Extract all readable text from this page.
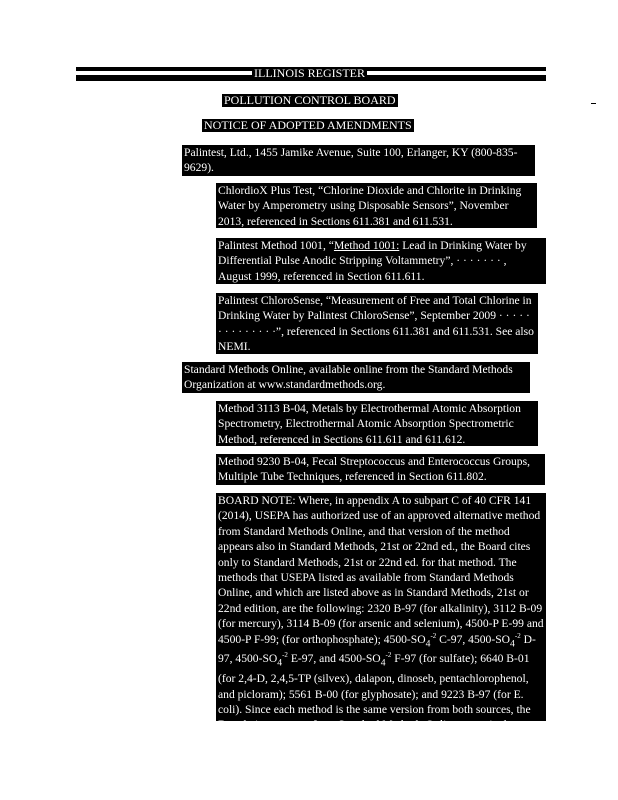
ILLINOIS REGISTER
POLLUTION CONTROL BOARD
NOTICE OF ADOPTED AMENDMENTS

Palintest, Ltd., 1455 Jamike Avenue, Suite 100, Erlanger, KY (800-835-9629).

ChlordioX Plus Test, “Chlorine Dioxide and Chlorite in Drinking Water by Amperometry using Disposable Sensors”, November 2013, referenced in Sections 611.381 and 611.531.

Palintest Method 1001, “Method 1001: Lead in Drinking Water by Differential Pulse Anodic Stripping Voltammetry”, · · · · · · · ,
August 1999, referenced in Section 611.611.

Palintest ChloroSense, “Measurement of Free and Total Chlorine in Drinking Water by Palintest ChloroSense”, September 2009 · · · · · · · · · · · · · ·”, referenced in Sections 611.381 and 611.531. See also NEMI.

Standard Methods Online, available online from the Standard Methods Organization at www.standardmethods.org.

Method 3113 B-04, Metals by Electrothermal Atomic Absorption Spectrometry, Electrothermal Atomic Absorption Spectrometric Method, referenced in Sections 611.611 and 611.612.

Method 9230 B-04, Fecal Streptococcus and Enterococcus Groups, Multiple Tube Techniques, referenced in Section 611.802.

BOARD NOTE: Where, in appendix A to subpart C of 40 CFR 141 (2014), USEPA has authorized use of an approved alternative method from Standard Methods Online, and that version of the method appears also in Standard Methods, 21st or 22nd ed., the Board cites only to Standard Methods, 21st or 22nd ed. for that method. The methods that USEPA listed as available from Standard Methods Online, and which are listed above as in Standard Methods, 21st or 22nd edition, are the following: 2320 B-97 (for alkalinity), 3112 B-09 (for mercury), 3114 B-09 (for arsenic and selenium), 4500-P E-99 and 4500-P F-99; (for orthophosphate); $4500-SO_4^{-2}$ C-97, $4500-SO_4^{-2}$ D-97, $4500-SO_4^{-2}$ E-97, and $4500-SO_4^{-2}$ F-97 (for sulfate); 6640 B-01 (for 2,4-D, 2,4,5-TP (silvex), dalapon, dinoseb, pentachlorophenol, and picloram); 5561 B-00 (for glyphosate); and 9223 B-97 (for E. coli). Since each method is the same version from both sources, the Board views a copy from Standard Methods Online as equivalent
